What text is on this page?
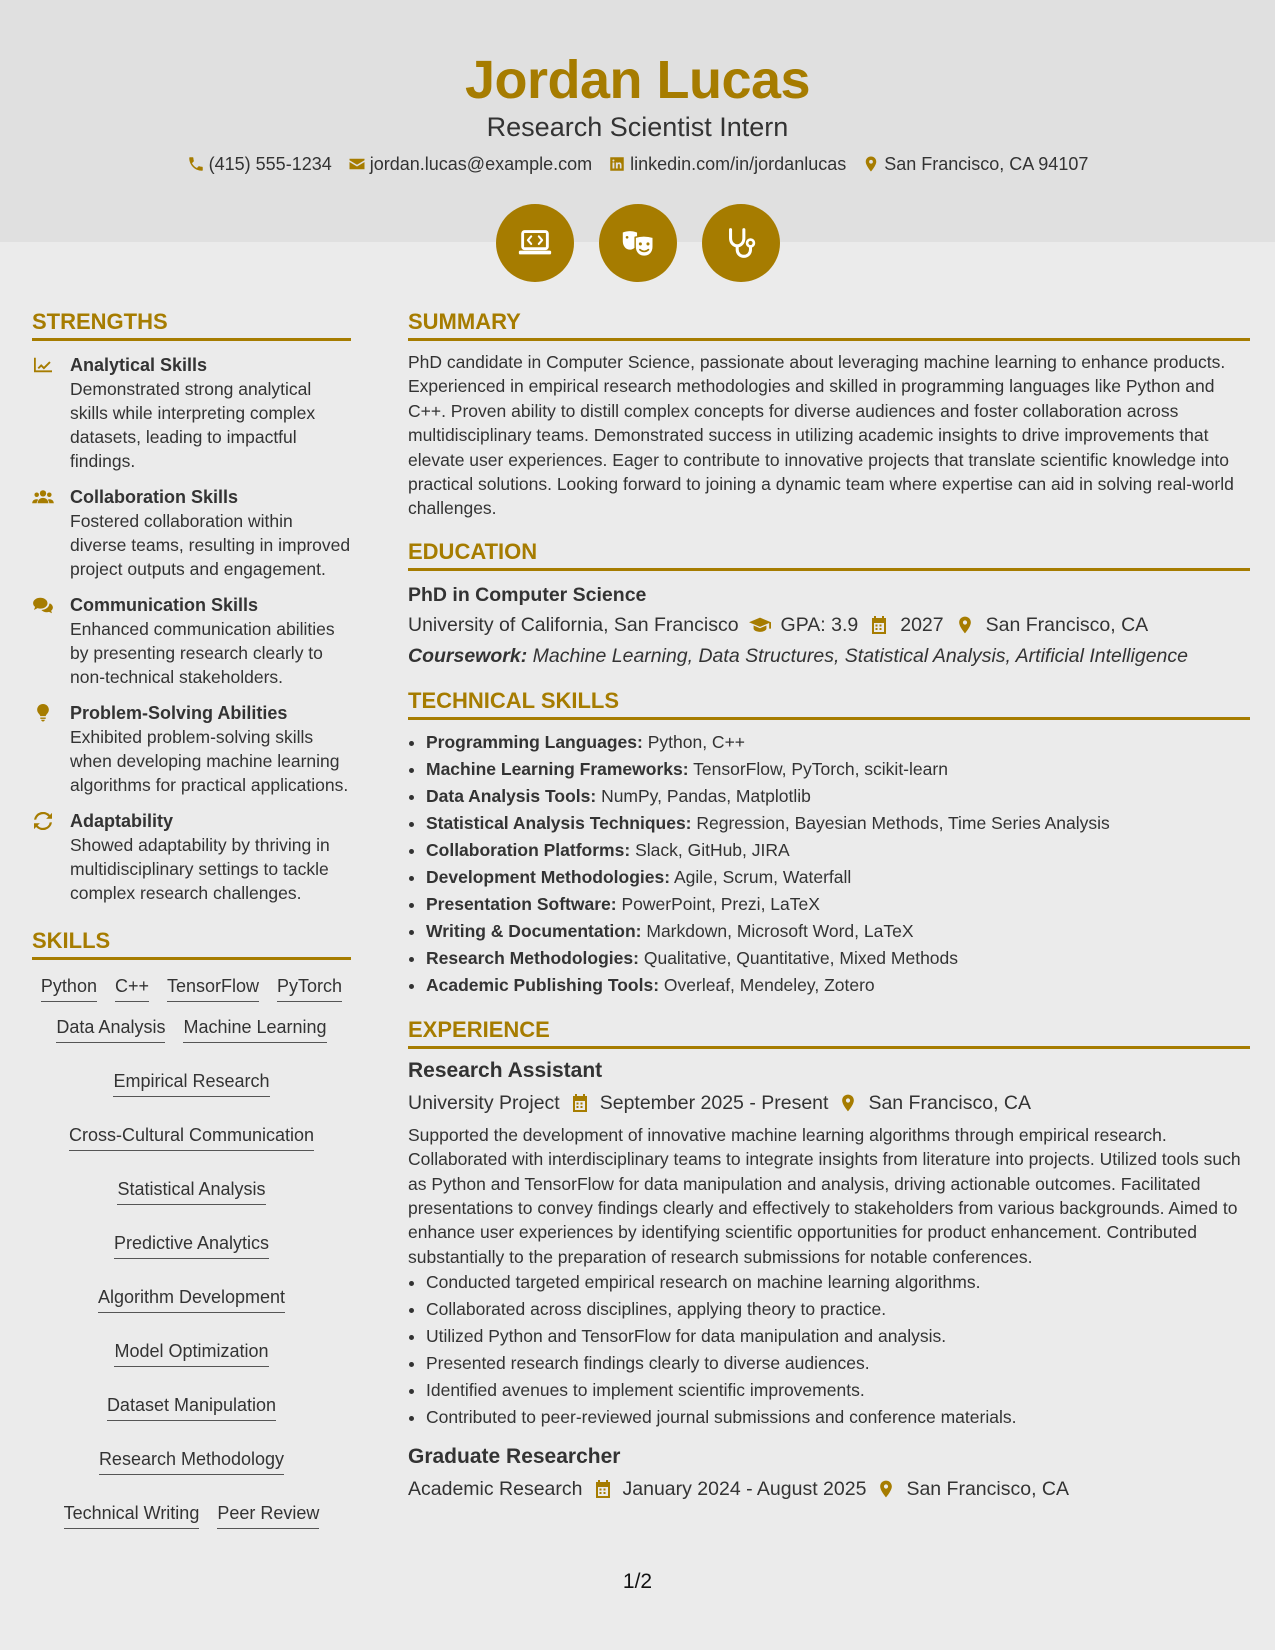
Jordan Lucas
Research Scientist Intern
(415) 555-1234 jordan.lucas@example.com linkedin.com/in/jordanlucas San Francisco, CA 94107
STRENGTHS
Analytical Skills
Demonstrated strong analytical skills while interpreting complex datasets, leading to impactful findings.
Collaboration Skills
Fostered collaboration within diverse teams, resulting in improved project outputs and engagement.
Communication Skills
Enhanced communication abilities by presenting research clearly to non-technical stakeholders.
Problem-Solving Abilities
Exhibited problem-solving skills when developing machine learning algorithms for practical applications.
Adaptability
Showed adaptability by thriving in multidisciplinary settings to tackle complex research challenges.
SKILLS
Python C++ TensorFlow PyTorch
Data Analysis Machine Learning
Empirical Research
Cross-Cultural Communication
Statistical Analysis
Predictive Analytics
Algorithm Development
Model Optimization
Dataset Manipulation
Research Methodology
Technical Writing Peer Review
SUMMARY
PhD candidate in Computer Science, passionate about leveraging machine learning to enhance products. Experienced in empirical research methodologies and skilled in programming languages like Python and C++. Proven ability to distill complex concepts for diverse audiences and foster collaboration across multidisciplinary teams. Demonstrated success in utilizing academic insights to drive improvements that elevate user experiences. Eager to contribute to innovative projects that translate scientific knowledge into practical solutions. Looking forward to joining a dynamic team where expertise can aid in solving real-world challenges.
EDUCATION
PhD in Computer Science
University of California, San Francisco GPA: 3.9 2027 San Francisco, CA
Coursework: Machine Learning, Data Structures, Statistical Analysis, Artificial Intelligence
TECHNICAL SKILLS
• Programming Languages: Python, C++
• Machine Learning Frameworks: TensorFlow, PyTorch, scikit-learn
• Data Analysis Tools: NumPy, Pandas, Matplotlib
• Statistical Analysis Techniques: Regression, Bayesian Methods, Time Series Analysis
• Collaboration Platforms: Slack, GitHub, JIRA
• Development Methodologies: Agile, Scrum, Waterfall
• Presentation Software: PowerPoint, Prezi, LaTeX
• Writing & Documentation: Markdown, Microsoft Word, LaTeX
• Research Methodologies: Qualitative, Quantitative, Mixed Methods
• Academic Publishing Tools: Overleaf, Mendeley, Zotero
EXPERIENCE
Research Assistant
University Project September 2025 - Present San Francisco, CA
Supported the development of innovative machine learning algorithms through empirical research. Collaborated with interdisciplinary teams to integrate insights from literature into projects. Utilized tools such as Python and TensorFlow for data manipulation and analysis, driving actionable outcomes. Facilitated presentations to convey findings clearly and effectively to stakeholders from various backgrounds. Aimed to enhance user experiences by identifying scientific opportunities for product enhancement. Contributed substantially to the preparation of research submissions for notable conferences.
• Conducted targeted empirical research on machine learning algorithms.
• Collaborated across disciplines, applying theory to practice.
• Utilized Python and TensorFlow for data manipulation and analysis.
• Presented research findings clearly to diverse audiences.
• Identified avenues to implement scientific improvements.
• Contributed to peer-reviewed journal submissions and conference materials.
Graduate Researcher
Academic Research January 2024 - August 2025 San Francisco, CA
1/2
